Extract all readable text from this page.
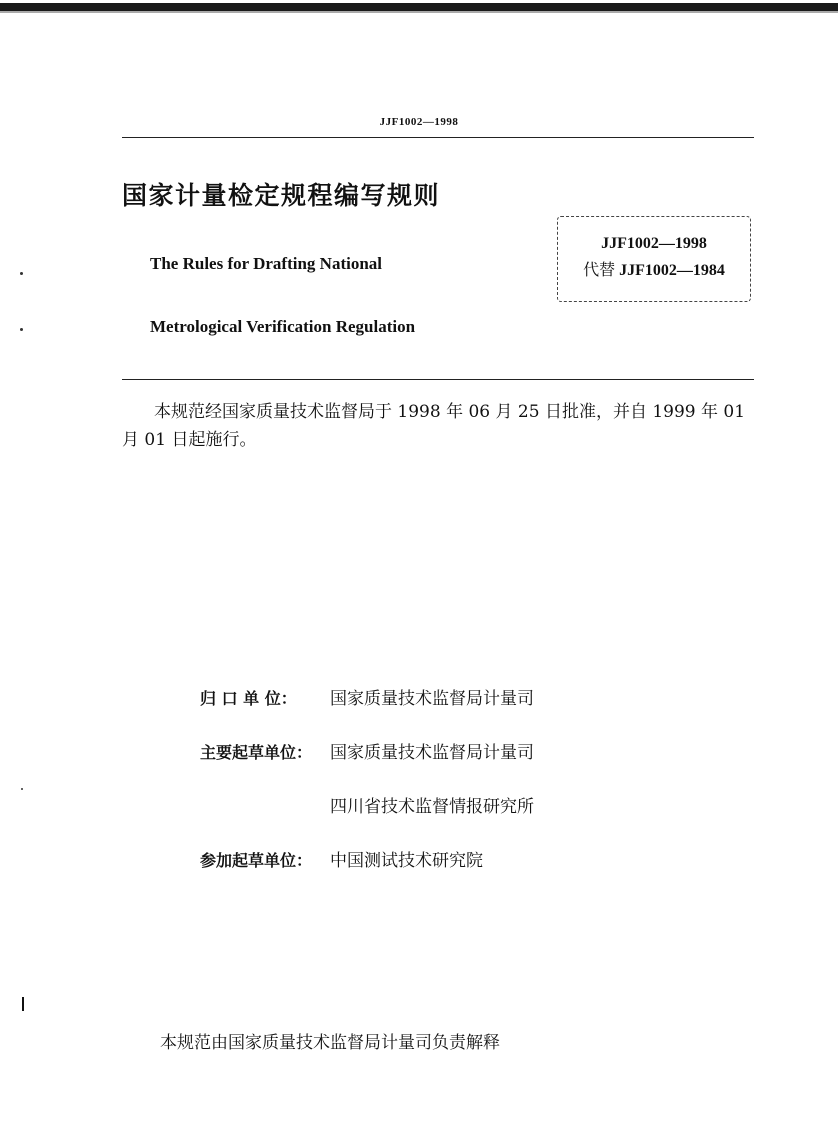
JJF1002—1998
国家计量检定规程编写规则
The Rules for Drafting National
Metrological Verification Regulation
JJF1002—1998
代替 JJF1002—1984
本规范经国家质量技术监督局于 1998 年 06 月 25 日批准，并自 1999 年 01 月 01 日起施行。
归 口 单 位： 国家质量技术监督局计量司
主要起草单位： 国家质量技术监督局计量司
四川省技术监督情报研究所
参加起草单位： 中国测试技术研究院
本规范由国家质量技术监督局计量司负责解释
